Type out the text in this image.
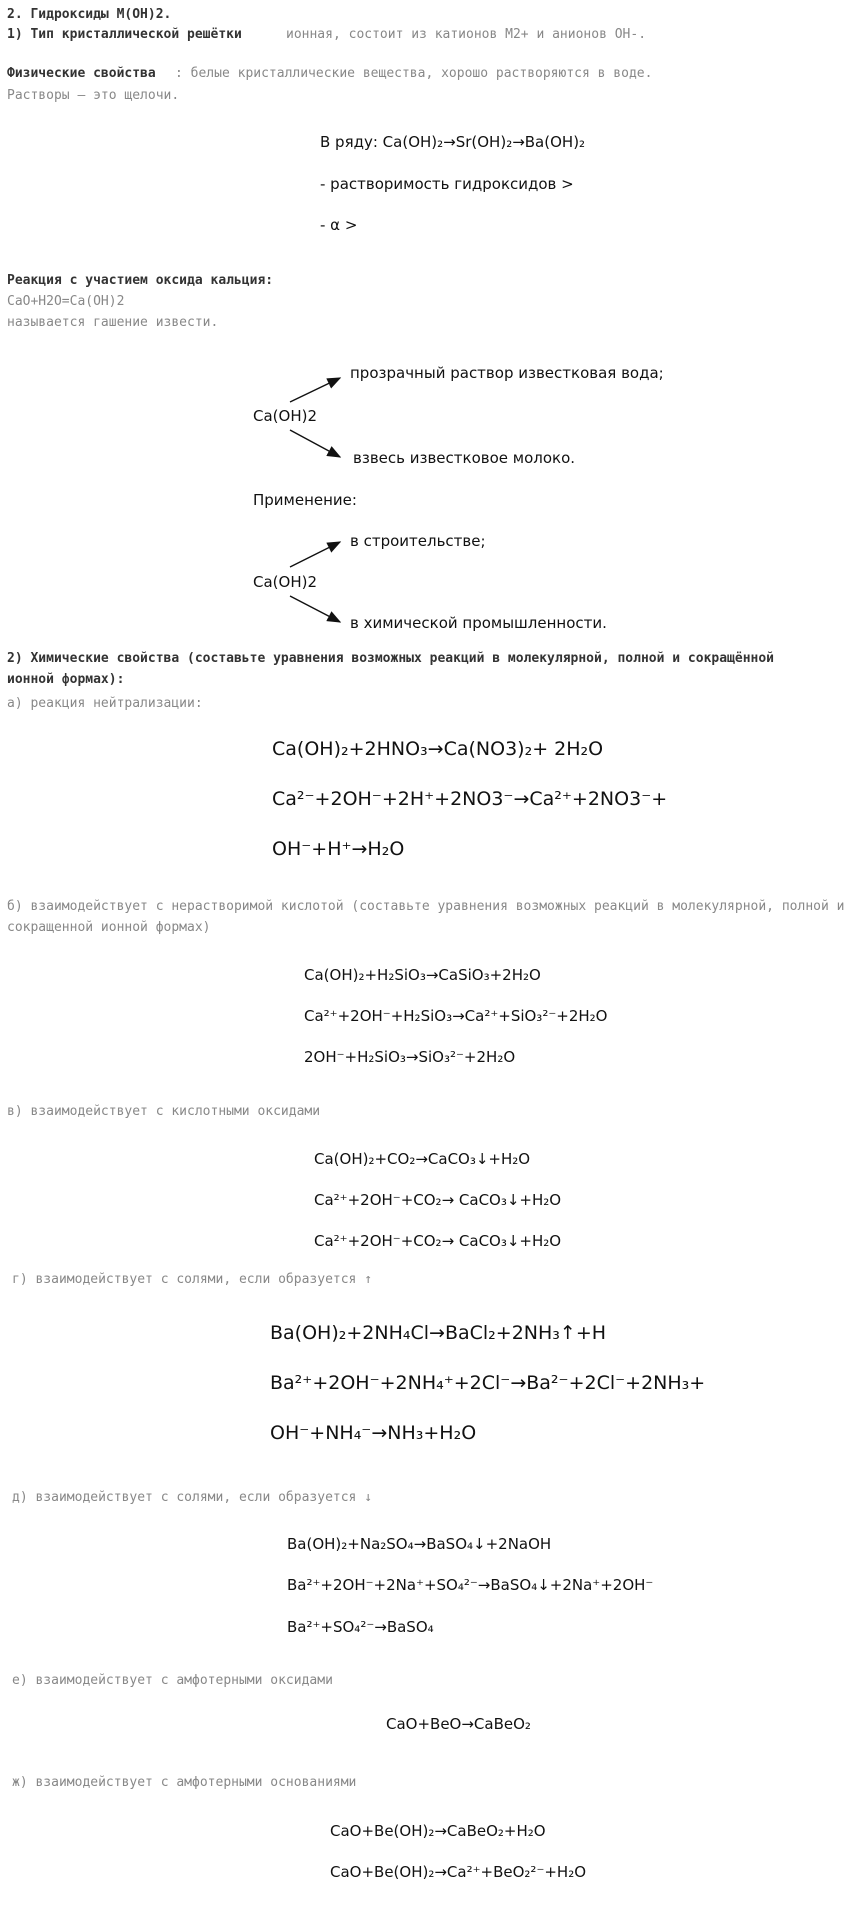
2. Гидроксиды М(ОН)2.
1) Тип кристаллической решётки	ионная, состоит из катионов М2+ и анионов ОН-.
Физические свойства : белые кристаллические вещества, хорошо растворяются в воде.
Растворы – это щелочи.
В ряду: Ca(OH)₂→Sr(OH)₂→Ba(OH)₂
- растворимость гидроксидов >
- α >
Реакция с участием оксида кальция:
CaO+H2O=Ca(OH)2
называется гашение извести.
прозрачный раствор известковая вода;
Ca(OH)2
взвесь известковое молоко.
Применение:
в строительстве;
Ca(OH)2
в химической промышленности.
2) Химические свойства (составьте уравнения возможных реакций в молекулярной, полной и сокращённой
ионной формах):
а) реакция нейтрализации:
Ca(OH)₂+2HNO₃→Ca(NO3)₂+ 2H₂O
Ca²⁻+2OH⁻+2H⁺+2NO3⁻→Ca²⁺+2NO3⁻+
OH⁻+H⁺→H₂O
б) взаимодействует с нерастворимой кислотой (составьте уравнения возможных реакций в молекулярной, полной и
сокращенной ионной формах)
Ca(OH)₂+H₂SiO₃→CaSiO₃+2H₂O
Ca²⁺+2OH⁻+H₂SiO₃→Ca²⁺+SiO₃²⁻+2H₂O
2OH⁻+H₂SiO₃→SiO₃²⁻+2H₂O
в) взаимодействует с кислотными оксидами
Ca(OH)₂+CO₂→CaCO₃↓+H₂O
Ca²⁺+2OH⁻+CO₂→ CaCO₃↓+H₂O
Ca²⁺+2OH⁻+CO₂→ CaCO₃↓+H₂O
г) взаимодействует с солями, если образуется ↑
Ba(OH)₂+2NH₄Cl→BaCl₂+2NH₃↑+Н
Ba²⁺+2OH⁻+2NH₄⁺+2Cl⁻→Ba²⁻+2Cl⁻+2NH₃+
OH⁻+NH₄⁻→NH₃+H₂O
д) взаимодействует с солями, если образуется ↓
Ba(OH)₂+Na₂SO₄→BaSO₄↓+2NaOH
Ba²⁺+2OH⁻+2Na⁺+SO₄²⁻→BaSO₄↓+2Na⁺+2OH⁻
Ba²⁺+SO₄²⁻→BaSO₄
е) взаимодействует с амфотерными оксидами
CaO+BeO→CaBeO₂
ж) взаимодействует с амфотерными основаниями
CaO+Be(OH)₂→CaBeO₂+H₂O
CaO+Be(OH)₂→Ca²⁺+BeO₂²⁻+H₂O
